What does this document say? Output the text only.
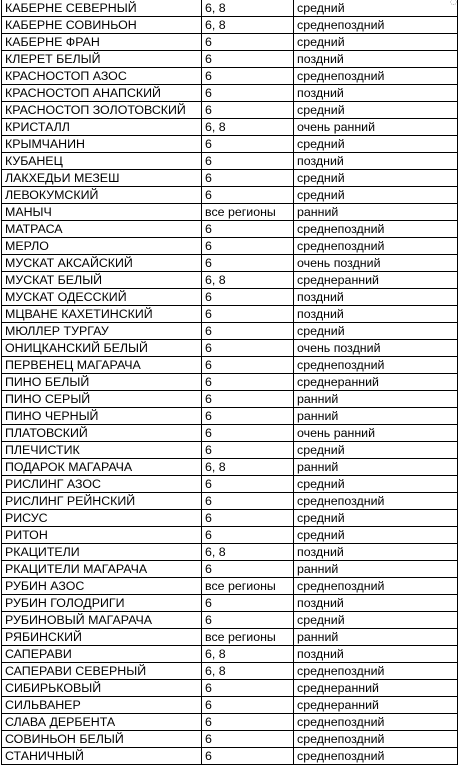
◌
КАБЕРНЕ СЕВЕРНЫЙ	6, 8	средний
КАБЕРНЕ СОВИНЬОН	6, 8	среднепоздний
КАБЕРНЕ ФРАН	6	средний
КЛЕРЕТ БЕЛЫЙ	6	поздний
КРАСНОСТОП АЗОС	6	среднепоздний
КРАСНОСТОП АНАПСКИЙ	6	поздний
КРАСНОСТОП ЗОЛОТОВСКИЙ	6	средний
КРИСТАЛЛ	6, 8	очень ранний
КРЫМЧАНИН	6	средний
КУБАНЕЦ	6	поздний
ЛАКХЕДЬИ МЕЗЕШ	6	средний
ЛЕВОКУМСКИЙ	6	средний
МАНЫЧ	все регионы	ранний
МАТРАСА	6	среднепоздний
МЕРЛО	6	среднепоздний
МУСКАТ АКСАЙСКИЙ	6	очень поздний
МУСКАТ БЕЛЫЙ	6, 8	среднеранний
МУСКАТ ОДЕССКИЙ	6	поздний
МЦВАНЕ КАХЕТИНСКИЙ	6	поздний
МЮЛЛЕР ТУРГАУ	6	средний
ОНИЦКАНСКИЙ БЕЛЫЙ	6	очень поздний
ПЕРВЕНЕЦ МАГАРАЧА	6	среднепоздний
ПИНО БЕЛЫЙ	6	среднеранний
ПИНО СЕРЫЙ	6	ранний
ПИНО ЧЕРНЫЙ	6	ранний
ПЛАТОВСКИЙ	6	очень ранний
ПЛЕЧИСТИК	6	средний
ПОДАРОК МАГАРАЧА	6, 8	ранний
РИСЛИНГ АЗОС	6	средний
РИСЛИНГ РЕЙНСКИЙ	6	среднепоздний
РИСУС	6	средний
РИТОН	6	средний
РКАЦИТЕЛИ	6, 8	поздний
РКАЦИТЕЛИ МАГАРАЧА	6	ранний
РУБИН АЗОС	все регионы	среднепоздний
РУБИН ГОЛОДРИГИ	6	поздний
РУБИНОВЫЙ МАГАРАЧА	6	средний
РЯБИНСКИЙ	все регионы	ранний
САПЕРАВИ	6, 8	поздний
САПЕРАВИ СЕВЕРНЫЙ	6, 8	среднепоздний
СИБИРЬКОВЫЙ	6	среднеранний
СИЛЬВАНЕР	6	среднеранний
СЛАВА ДЕРБЕНТА	6	среднепоздний
СОВИНЬОН БЕЛЫЙ	6	среднепоздний
СТАНИЧНЫЙ	6	среднепоздний
